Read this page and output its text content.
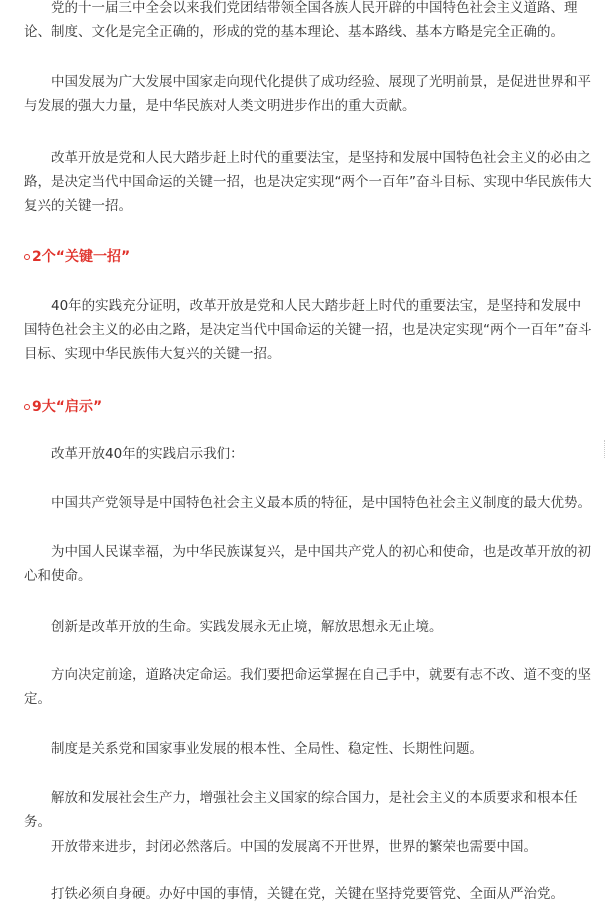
党的十一届三中全会以来我们党团结带领全国各族人民开辟的中国特色社会主义道路、理论、制度、文化是完全正确的，形成的党的基本理论、基本路线、基本方略是完全正确的。

中国发展为广大发展中国家走向现代化提供了成功经验、展现了光明前景，是促进世界和平与发展的强大力量，是中华民族对人类文明进步作出的重大贡献。

改革开放是党和人民大踏步赶上时代的重要法宝，是坚持和发展中国特色社会主义的必由之路，是决定当代中国命运的关键一招，也是决定实现“两个一百年”奋斗目标、实现中华民族伟大复兴的关键一招。

2个“关键一招”

40年的实践充分证明，改革开放是党和人民大踏步赶上时代的重要法宝，是坚持和发展中国特色社会主义的必由之路，是决定当代中国命运的关键一招，也是决定实现“两个一百年”奋斗目标、实现中华民族伟大复兴的关键一招。

9大“启示”

改革开放40年的实践启示我们：

中国共产党领导是中国特色社会主义最本质的特征，是中国特色社会主义制度的最大优势。

为中国人民谋幸福，为中华民族谋复兴，是中国共产党人的初心和使命，也是改革开放的初心和使命。

创新是改革开放的生命。实践发展永无止境，解放思想永无止境。

方向决定前途，道路决定命运。我们要把命运掌握在自己手中，就要有志不改、道不变的坚定。

制度是关系党和国家事业发展的根本性、全局性、稳定性、长期性问题。

解放和发展社会生产力，增强社会主义国家的综合国力，是社会主义的本质要求和根本任务。

开放带来进步，封闭必然落后。中国的发展离不开世界，世界的繁荣也需要中国。

打铁必须自身硬。办好中国的事情，关键在党，关键在坚持党要管党、全面从严治党。
